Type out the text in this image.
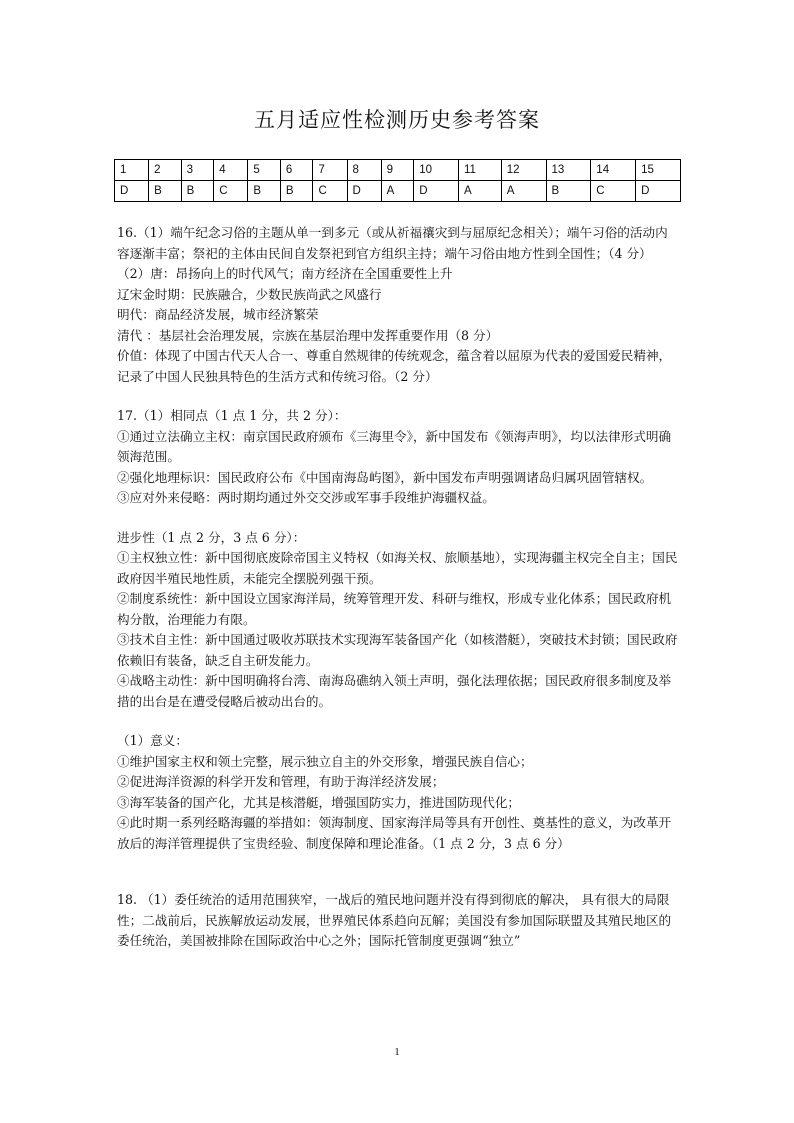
五月适应性检测历史参考答案
1	2	3	4	5	6	7	8	9	10	11	12	13	14	15
D	B	B	C	B	B	C	D	A	D	A	A	B	C	D

16.（1）端午纪念习俗的主题从单一到多元（或从祈福禳灾到与屈原纪念相关）；端午习俗的活动内容逐渐丰富；祭祀的主体由民间自发祭祀到官方组织主持；端午习俗由地方性到全国性；（4 分）

（2）唐：昂扬向上的时代风气；南方经济在全国重要性上升

辽宋金时期：民族融合，少数民族尚武之风盛行

明代：商品经济发展，城市经济繁荣

清代 ：基层社会治理发展，宗族在基层治理中发挥重要作用（8 分）

价值：体现了中国古代天人合一、尊重自然规律的传统观念，蕴含着以屈原为代表的爱国爱民精神，记录了中国人民独具特色的生活方式和传统习俗。（2 分）

17.（1）相同点（1 点 1 分，共 2 分）：

①通过立法确立主权：南京国民政府颁布《三海里令》，新中国发布《领海声明》，均以法律形式明确领海范围。

②强化地理标识：国民政府公布《中国南海岛屿图》，新中国发布声明强调诸岛归属巩固管辖权。

③应对外来侵略：两时期均通过外交交涉或军事手段维护海疆权益。

进步性（1 点 2 分，3 点 6 分）：

①主权独立性：新中国彻底废除帝国主义特权（如海关权、旅顺基地），实现海疆主权完全自主；国民政府因半殖民地性质，未能完全摆脱列强干预。

②制度系统性：新中国设立国家海洋局，统筹管理开发、科研与维权，形成专业化体系；国民政府机构分散，治理能力有限。

③技术自主性：新中国通过吸收苏联技术实现海军装备国产化（如核潜艇），突破技术封锁；国民政府依赖旧有装备，缺乏自主研发能力。

④战略主动性：新中国明确将台湾、南海岛礁纳入领土声明，强化法理依据；国民政府很多制度及举措的出台是在遭受侵略后被动出台的。

（1）意义：

①维护国家主权和领土完整，展示独立自主的外交形象，增强民族自信心；

②促进海洋资源的科学开发和管理，有助于海洋经济发展；

③海军装备的国产化，尤其是核潜艇，增强国防实力，推进国防现代化；

④此时期一系列经略海疆的举措如：领海制度、国家海洋局等具有开创性、奠基性的意义，为改革开放后的海洋管理提供了宝贵经验、制度保障和理论准备。（1 点 2 分，3 点 6 分）

18. （1）委任统治的适用范围狭窄，一战后的殖民地问题并没有得到彻底的解决， 具有很大的局限性；二战前后，民族解放运动发展，世界殖民体系趋向瓦解；美国没有参加国际联盟及其殖民地区的委任统治，美国被排除在国际政治中心之外；国际托管制度更强调“独立”

1
